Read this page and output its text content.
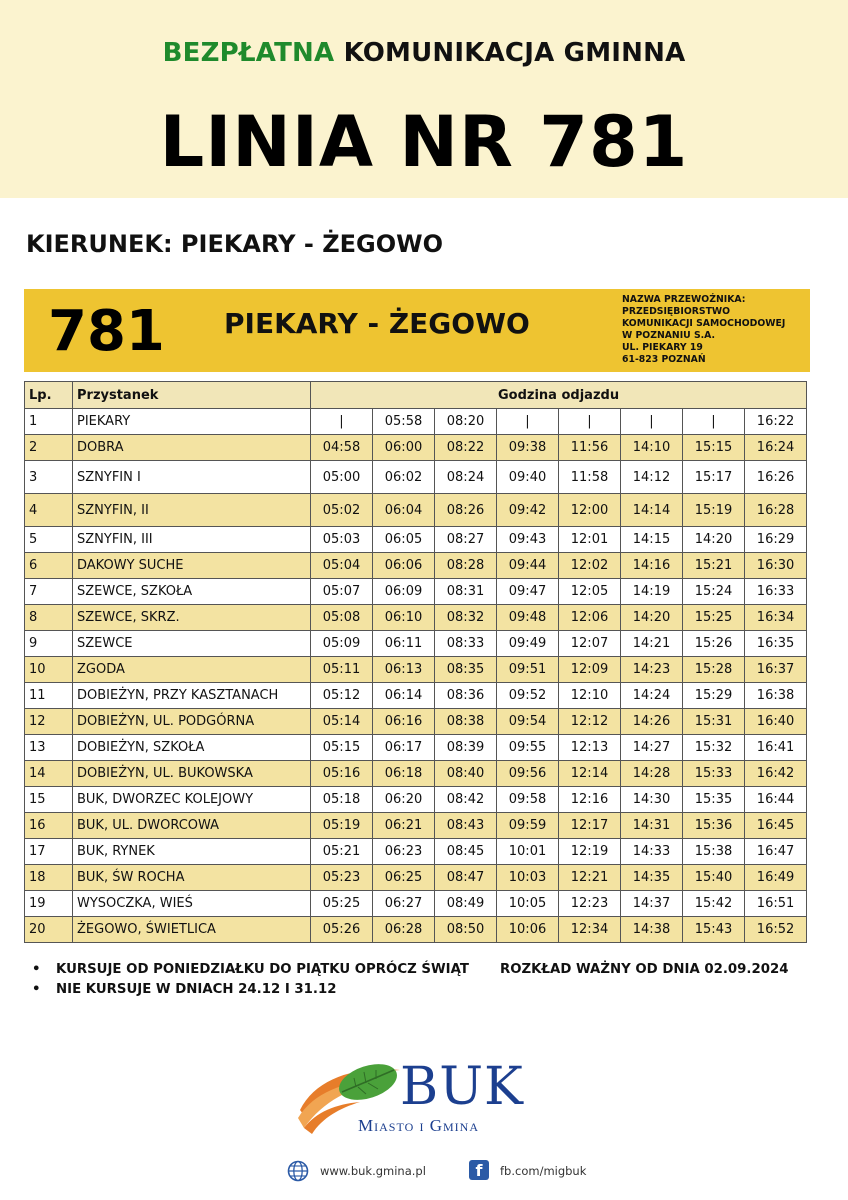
BEZPŁATNA KOMUNIKACJA GMINNA
LINIA NR 781
KIERUNEK: PIEKARY - ŻEGOWO
781 PIEKARY - ŻEGOWO
NAZWA PRZEWOŹNIKA:
PRZEDSIĘBIORSTWO
KOMUNIKACJI SAMOCHODOWEJ
W POZNANIU S.A.
UL. PIEKARY 19
61-823 POZNAŃ
Lp.	Przystanek	Godzina odjazdu							
1	PIEKARY	|	05:58	08:20	|	|	|	|	16:22
2	DOBRA	04:58	06:00	08:22	09:38	11:56	14:10	15:15	16:24
3	SZNYFIN I	05:00	06:02	08:24	09:40	11:58	14:12	15:17	16:26
4	SZNYFIN, II	05:02	06:04	08:26	09:42	12:00	14:14	15:19	16:28
5	SZNYFIN, III	05:03	06:05	08:27	09:43	12:01	14:15	14:20	16:29
6	DAKOWY SUCHE	05:04	06:06	08:28	09:44	12:02	14:16	15:21	16:30
7	SZEWCE, SZKOŁA	05:07	06:09	08:31	09:47	12:05	14:19	15:24	16:33
8	SZEWCE, SKRZ.	05:08	06:10	08:32	09:48	12:06	14:20	15:25	16:34
9	SZEWCE	05:09	06:11	08:33	09:49	12:07	14:21	15:26	16:35
10	ZGODA	05:11	06:13	08:35	09:51	12:09	14:23	15:28	16:37
11	DOBIEŻYN, PRZY KASZTANACH	05:12	06:14	08:36	09:52	12:10	14:24	15:29	16:38
12	DOBIEŻYN, UL. PODGÓRNA	05:14	06:16	08:38	09:54	12:12	14:26	15:31	16:40
13	DOBIEŻYN, SZKOŁA	05:15	06:17	08:39	09:55	12:13	14:27	15:32	16:41
14	DOBIEŻYN, UL. BUKOWSKA	05:16	06:18	08:40	09:56	12:14	14:28	15:33	16:42
15	BUK, DWORZEC KOLEJOWY	05:18	06:20	08:42	09:58	12:16	14:30	15:35	16:44
16	BUK, UL. DWORCOWA	05:19	06:21	08:43	09:59	12:17	14:31	15:36	16:45
17	BUK, RYNEK	05:21	06:23	08:45	10:01	12:19	14:33	15:38	16:47
18	BUK, ŚW ROCHA	05:23	06:25	08:47	10:03	12:21	14:35	15:40	16:49
19	WYSOCZKA, WIEŚ	05:25	06:27	08:49	10:05	12:23	14:37	15:42	16:51
20	ŻEGOWO, ŚWIETLICA	05:26	06:28	08:50	10:06	12:34	14:38	15:43	16:52
• KURSUJE OD PONIEDZIAŁKU DO PIĄTKU OPRÓCZ ŚWIĄT ROZKŁAD WAŻNY OD DNIA 02.09.2024
• NIE KURSUJE W DNIACH 24.12 I 31.12
BUK
Miasto i Gmina
www.buk.gmina.pl	f	fb.com/migbuk
